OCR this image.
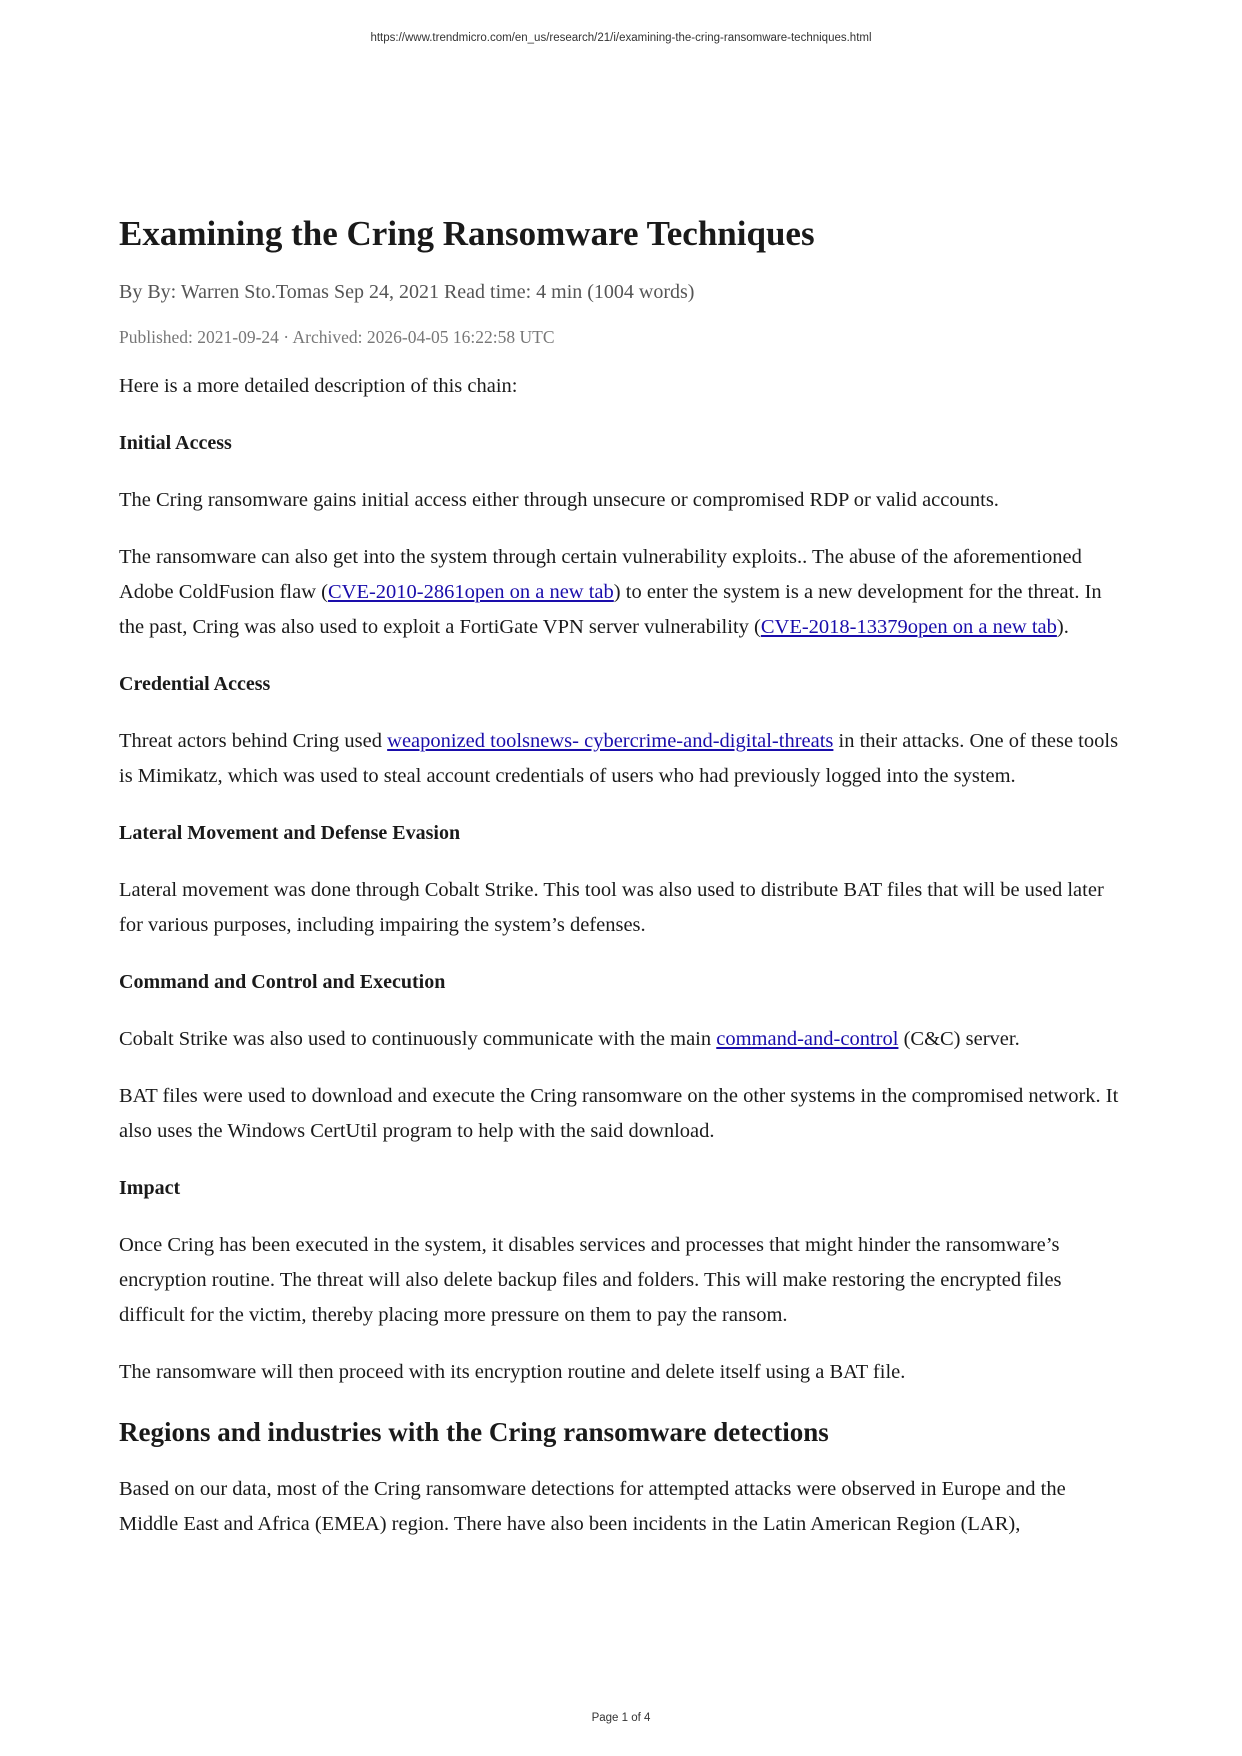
https://www.trendmicro.com/en_us/research/21/i/examining-the-cring-ransomware-techniques.html
Examining the Cring Ransomware Techniques
By By: Warren Sto.Tomas Sep 24, 2021 Read time: 4 min (1004 words)
Published: 2021-09-24 · Archived: 2026-04-05 16:22:58 UTC

Here is a more detailed description of this chain:

Initial Access

The Cring ransomware gains initial access either through unsecure or compromised RDP or valid accounts.

The ransomware can also get into the system through certain vulnerability exploits.. The abuse of the aforementioned Adobe ColdFusion flaw (CVE-2010-2861open on a new tab) to enter the system is a new development for the threat. In the past, Cring was also used to exploit a FortiGate VPN server vulnerability (CVE-2018-13379open on a new tab).

Credential Access

Threat actors behind Cring used weaponized toolsnews- cybercrime-and-digital-threats in their attacks. One of these tools is Mimikatz, which was used to steal account credentials of users who had previously logged into the system.

Lateral Movement and Defense Evasion

Lateral movement was done through Cobalt Strike. This tool was also used to distribute BAT files that will be used later for various purposes, including impairing the system’s defenses.

Command and Control and Execution

Cobalt Strike was also used to continuously communicate with the main command-and-control (C&C) server.

BAT files were used to download and execute the Cring ransomware on the other systems in the compromised network. It also uses the Windows CertUtil program to help with the said download.

Impact

Once Cring has been executed in the system, it disables services and processes that might hinder the ransomware’s encryption routine. The threat will also delete backup files and folders. This will make restoring the encrypted files difficult for the victim, thereby placing more pressure on them to pay the ransom.

The ransomware will then proceed with its encryption routine and delete itself using a BAT file.

Regions and industries with the Cring ransomware detections

Based on our data, most of the Cring ransomware detections for attempted attacks were observed in Europe and the Middle East and Africa (EMEA) region. There have also been incidents in the Latin American Region (LAR),

Page 1 of 4
